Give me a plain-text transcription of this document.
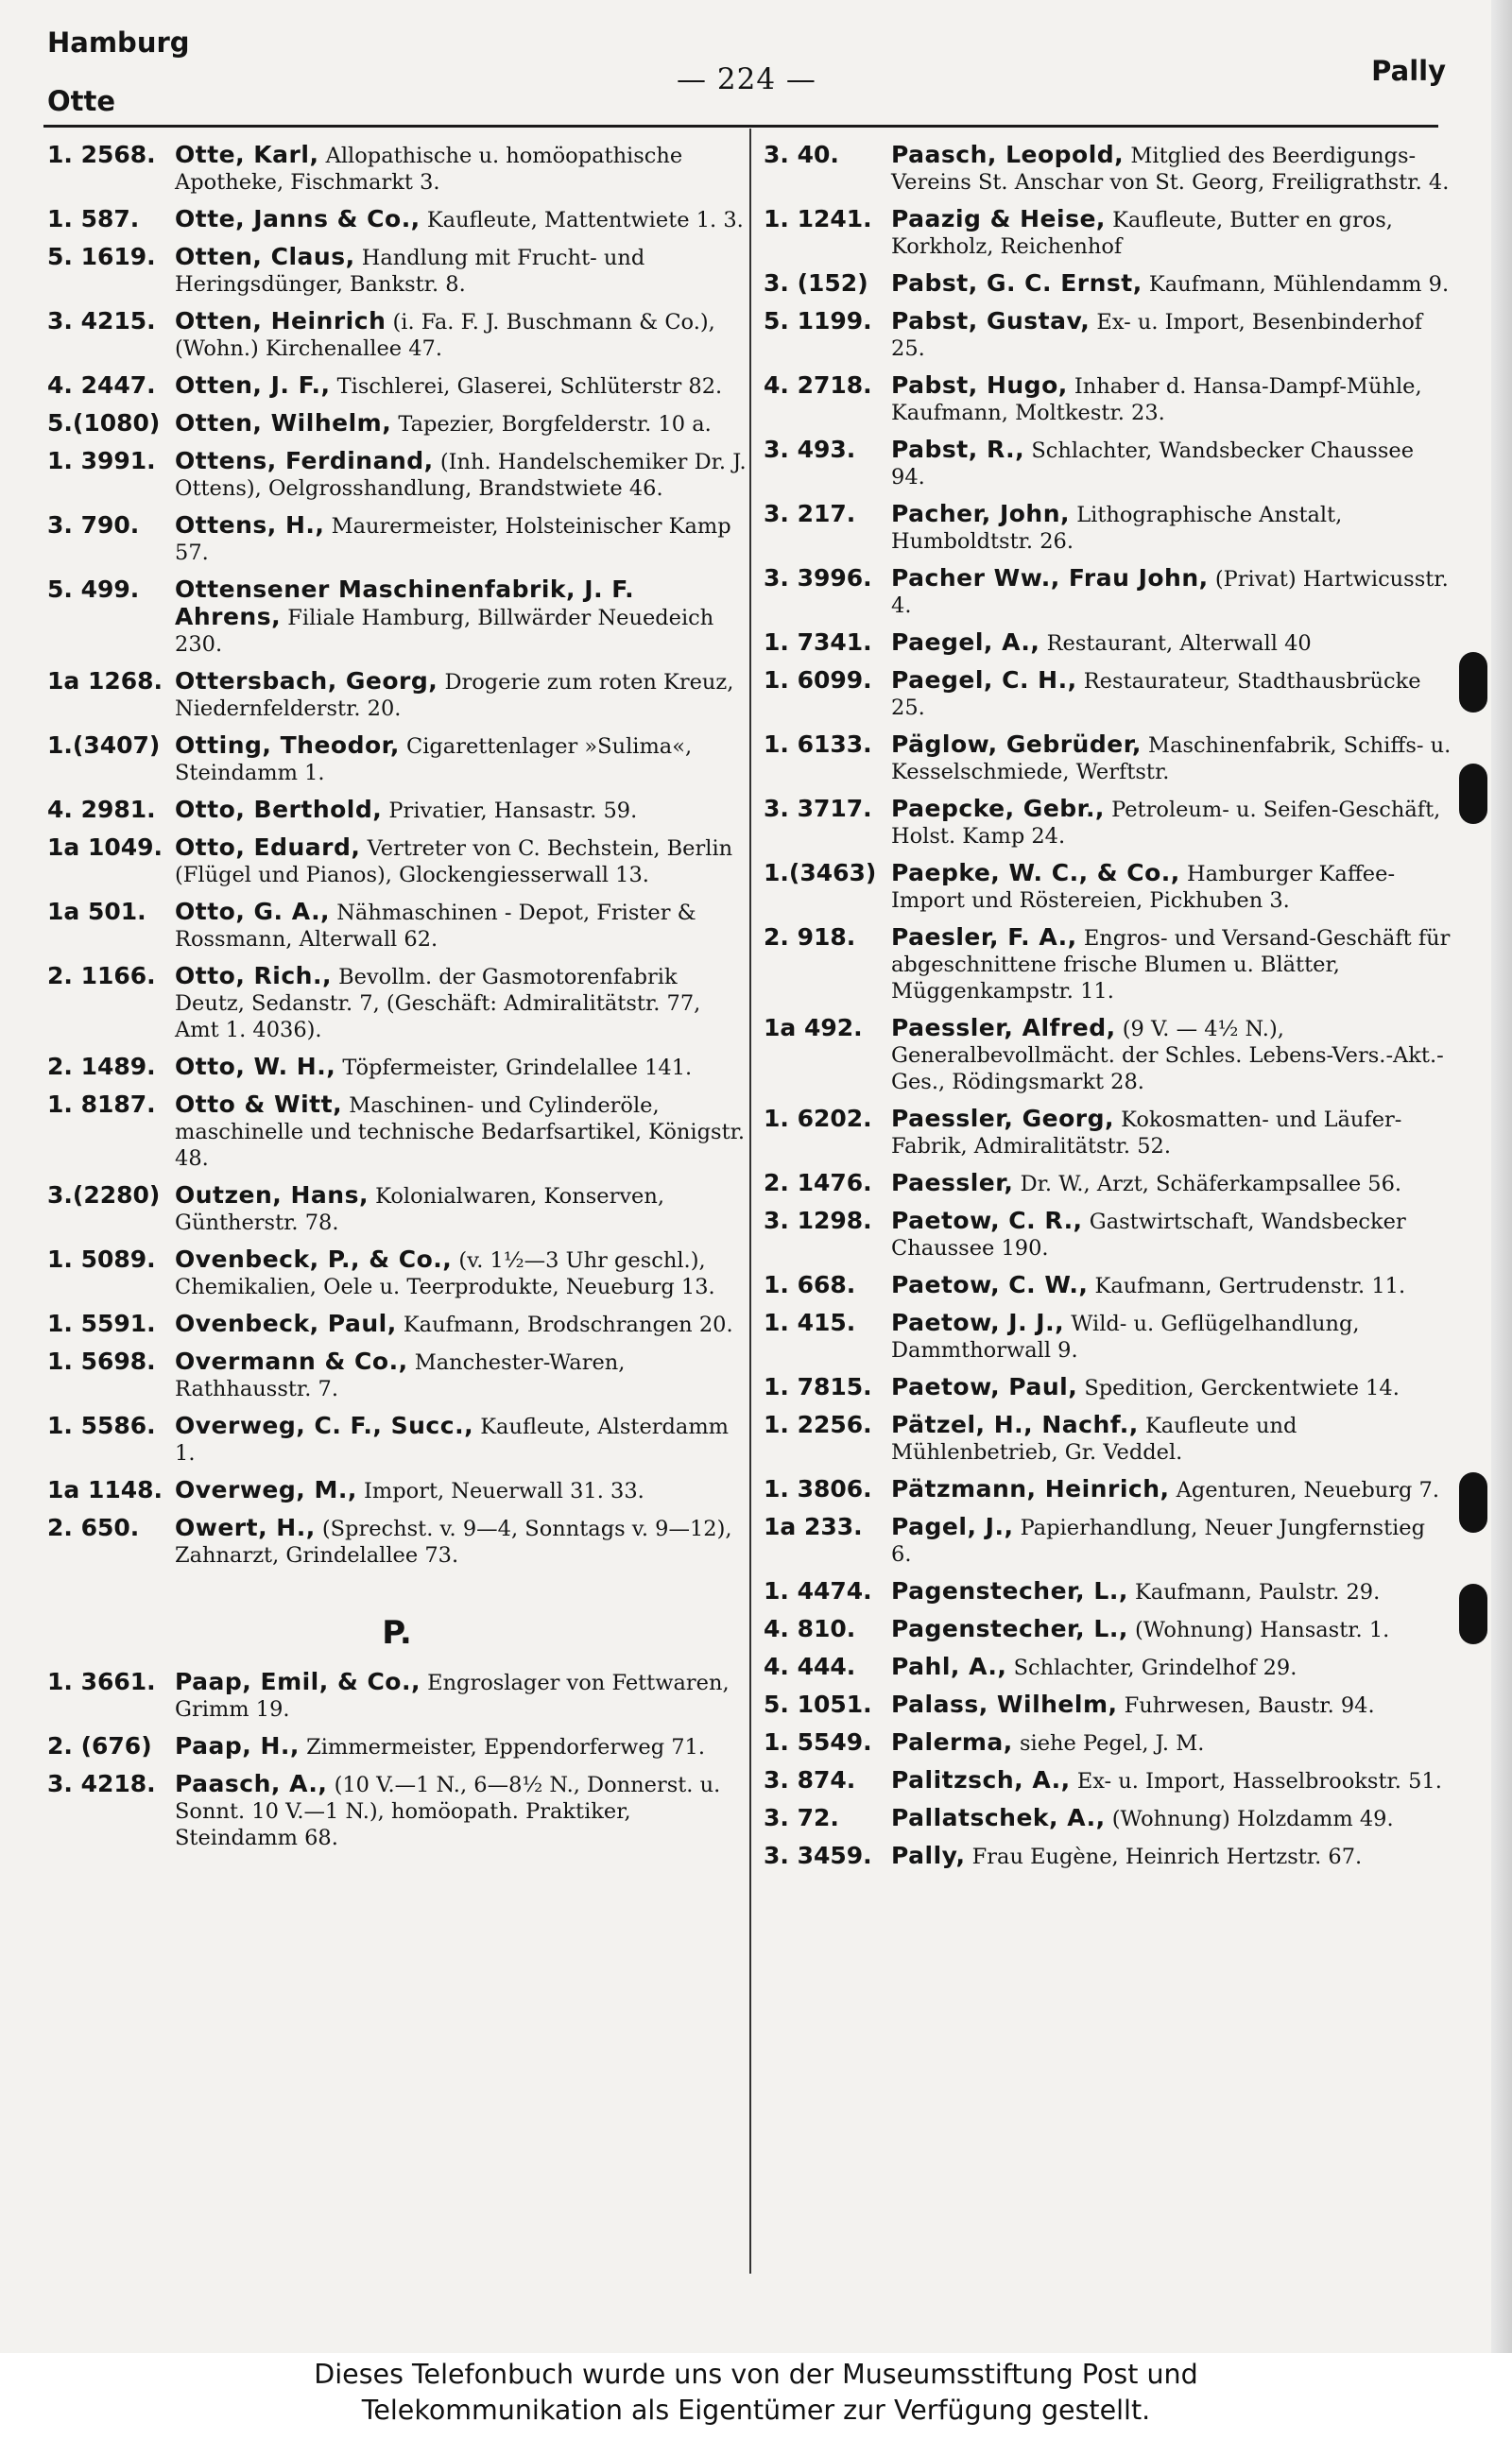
Hamburg
Otte
— 224 —	Pally
1. 2568. Otte, Karl, Allopathische u. homöopathische Apotheke, Fischmarkt 3.
1. 587.	Otte, Janns & Co., Kaufleute, Mattentwiete 1. 3.
5. 1619. Otten, Claus, Handlung mit Frucht- und Heringsdünger, Bankstr. 8.
3. 4215. Otten, Heinrich (i. Fa. F. J. Buschmann & Co.), (Wohn.) Kirchenallee 47.
4. 2447. Otten, J. F., Tischlerei, Glaserei, Schlüterstr 82.
5.(1080) Otten, Wilhelm, Tapezier, Borgfelderstr. 10 a.
1. 3991. Ottens, Ferdinand, (Inh. Handelschemiker Dr. J. Ottens), Oelgrosshandlung, Brandstwiete 46.
3. 790.	Ottens, H., Maurermeister, Holsteinischer Kamp 57.
5. 499.	Ottensener Maschinenfabrik, J. F. Ahrens, Filiale Hamburg, Billwärder Neuedeich 230.
1a 1268. Ottersbach, Georg, Drogerie zum roten Kreuz, Niedernfelderstr. 20.
1.(3407) Otting, Theodor, Cigarettenlager »Sulima«, Steindamm 1.
4. 2981. Otto, Berthold, Privatier, Hansastr. 59.
1a 1049. Otto, Eduard, Vertreter von C. Bechstein, Berlin (Flügel und Pianos), Glockengiesserwall 13.
1a 501.	Otto, G. A., Nähmaschinen - Depot, Frister & Rossmann, Alterwall 62.
2. 1166. Otto, Rich., Bevollm. der Gasmotorenfabrik Deutz, Sedanstr. 7, (Geschäft: Admiralitätstr. 77, Amt 1. 4036).
2. 1489. Otto, W. H., Töpfermeister, Grindelallee 141.
1. 8187. Otto & Witt, Maschinen- und Cylinderöle, maschinelle und technische Bedarfsartikel, Königstr. 48.
3.(2280) Outzen, Hans, Kolonialwaren, Konserven, Güntherstr. 78.
1. 5089. Ovenbeck, P., & Co., (v. 1½—3 Uhr geschl.), Chemikalien, Oele u. Teerprodukte, Neueburg 13.
1. 5591. Ovenbeck, Paul, Kaufmann, Brodschrangen 20.
1. 5698. Overmann & Co., Manchester-Waren, Rathhausstr. 7.
1. 5586. Overweg, C. F., Succ., Kaufleute, Alsterdamm 1.
1a 1148. Overweg, M., Import, Neuerwall 31. 33.
2. 650.	Owert, H., (Sprechst. v. 9—4, Sonntags v. 9—12), Zahnarzt, Grindelallee 73.
P.
1. 3661. Paap, Emil, & Co., Engroslager von Fettwaren, Grimm 19.
2. (676) Paap, H., Zimmermeister, Eppendorferweg 71.
3. 4218. Paasch, A., (10 V.—1 N., 6—8½ N., Donnerst. u. Sonnt. 10 V.—1 N.), homöopath. Praktiker, Steindamm 68.
3. 40.	Paasch, Leopold, Mitglied des Beerdigungs-Vereins St. Anschar von St. Georg, Freiligrathstr. 4.
1. 1241. Paazig & Heise, Kaufleute, Butter en gros, Korkholz, Reichenhof
3. (152) Pabst, G. C. Ernst, Kaufmann, Mühlendamm 9.
5. 1199. Pabst, Gustav, Ex- u. Import, Besenbinderhof 25.
4. 2718. Pabst, Hugo, Inhaber d. Hansa-Dampf-Mühle, Kaufmann, Moltkestr. 23.
3. 493.	Pabst, R., Schlachter, Wandsbecker Chaussee 94.
3. 217.	Pacher, John, Lithographische Anstalt, Humboldtstr. 26.
3. 3996. Pacher Ww., Frau John, (Privat) Hartwicusstr. 4.
1. 7341. Paegel, A., Restaurant, Alterwall 40
1. 6099. Paegel, C. H., Restaurateur, Stadthausbrücke 25.
1. 6133. Päglow, Gebrüder, Maschinenfabrik, Schiffs- u. Kesselschmiede, Werftstr.
3. 3717. Paepcke, Gebr., Petroleum- u. Seifen-Geschäft, Holst. Kamp 24.
1.(3463) Paepke, W. C., & Co., Hamburger Kaffee-Import und Röstereien, Pickhuben 3.
2. 918.	Paesler, F. A., Engros- und Versand-Geschäft für abgeschnittene frische Blumen u. Blätter, Müggenkampstr. 11.
1a 492.	Paessler, Alfred, (9 V. — 4½ N.), Generalbevollmächt. der Schles. Lebens-Vers.-Akt.-Ges., Rödingsmarkt 28.
1. 6202. Paessler, Georg, Kokosmatten- und Läufer-Fabrik, Admiralitätstr. 52.
2. 1476. Paessler, Dr. W., Arzt, Schäferkampsallee 56.
3. 1298. Paetow, C. R., Gastwirtschaft, Wandsbecker Chaussee 190.
1. 668.	Paetow, C. W., Kaufmann, Gertrudenstr. 11.
1. 415.	Paetow, J. J., Wild- u. Geflügelhandlung, Dammthorwall 9.
1. 7815. Paetow, Paul, Spedition, Gerckentwiete 14.
1. 2256. Pätzel, H., Nachf., Kaufleute und Mühlenbetrieb, Gr. Veddel.
1. 3806. Pätzmann, Heinrich, Agenturen, Neueburg 7.
1a 233.	Pagel, J., Papierhandlung, Neuer Jungfernstieg 6.
1. 4474. Pagenstecher, L., Kaufmann, Paulstr. 29.
4. 810.	Pagenstecher, L., (Wohnung) Hansastr. 1.
4. 444.	Pahl, A., Schlachter, Grindelhof 29.
5. 1051. Palass, Wilhelm, Fuhrwesen, Baustr. 94.
1. 5549. Palerma, siehe Pegel, J. M.
3. 874.	Palitzsch, A., Ex- u. Import, Hasselbrookstr. 51.
3. 72.	Pallatschek, A., (Wohnung) Holzdamm 49.
3. 3459. Pally, Frau Eugène, Heinrich Hertzstr. 67.
Dieses Telefonbuch wurde uns von der Museumsstiftung Post und
Telekommunikation als Eigentümer zur Verfügung gestellt.
